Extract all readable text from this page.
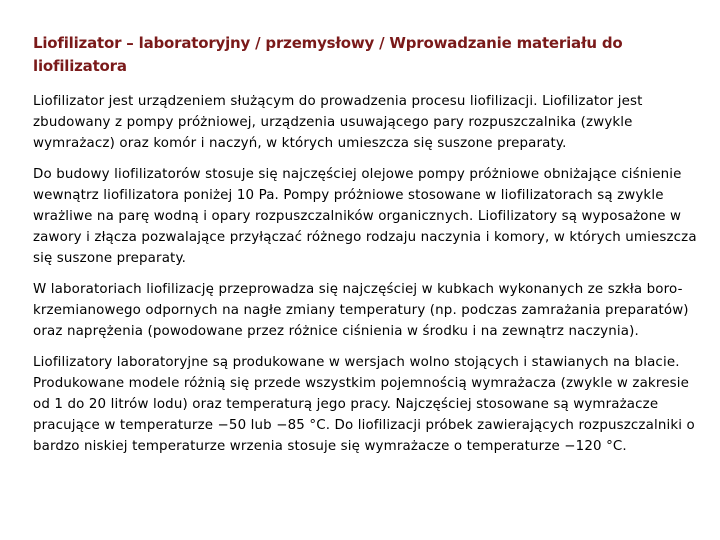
Liofilizator – laboratoryjny / przemysłowy / Wprowadzanie materiału do liofilizatora

Liofilizator jest urządzeniem służącym do prowadzenia procesu liofilizacji. Liofilizator jest zbudowany z pompy próżniowej, urządzenia usuwającego pary rozpuszczalnika (zwykle wymrażacz) oraz komór i naczyń, w których umieszcza się suszone preparaty.

Do budowy liofilizatorów stosuje się najczęściej olejowe pompy próżniowe obniżające ciśnienie wewnątrz liofilizatora poniżej 10 Pa. Pompy próżniowe stosowane w liofilizatorach są zwykle wrażliwe na parę wodną i opary rozpuszczalników organicznych. Liofilizatory są wyposażone w zawory i złącza pozwalające przyłączać różnego rodzaju naczynia i komory, w których umieszcza się suszone preparaty.

W laboratoriach liofilizację przeprowadza się najczęściej w kubkach wykonanych ze szkła boro-krzemianowego odpornych na nagłe zmiany temperatury (np. podczas zamrażania preparatów) oraz naprężenia (powodowane przez różnice ciśnienia w środku i na zewnątrz naczynia).

Liofilizatory laboratoryjne są produkowane w wersjach wolno stojących i stawianych na blacie. Produkowane modele różnią się przede wszystkim pojemnością wymrażacza (zwykle w zakresie od 1 do 20 litrów lodu) oraz temperaturą jego pracy. Najczęściej stosowane są wymrażacze pracujące w temperaturze −50 lub −85 °C. Do liofilizacji próbek zawierających rozpuszczalniki o bardzo niskiej temperaturze wrzenia stosuje się wymrażacze o temperaturze −120 °C.
